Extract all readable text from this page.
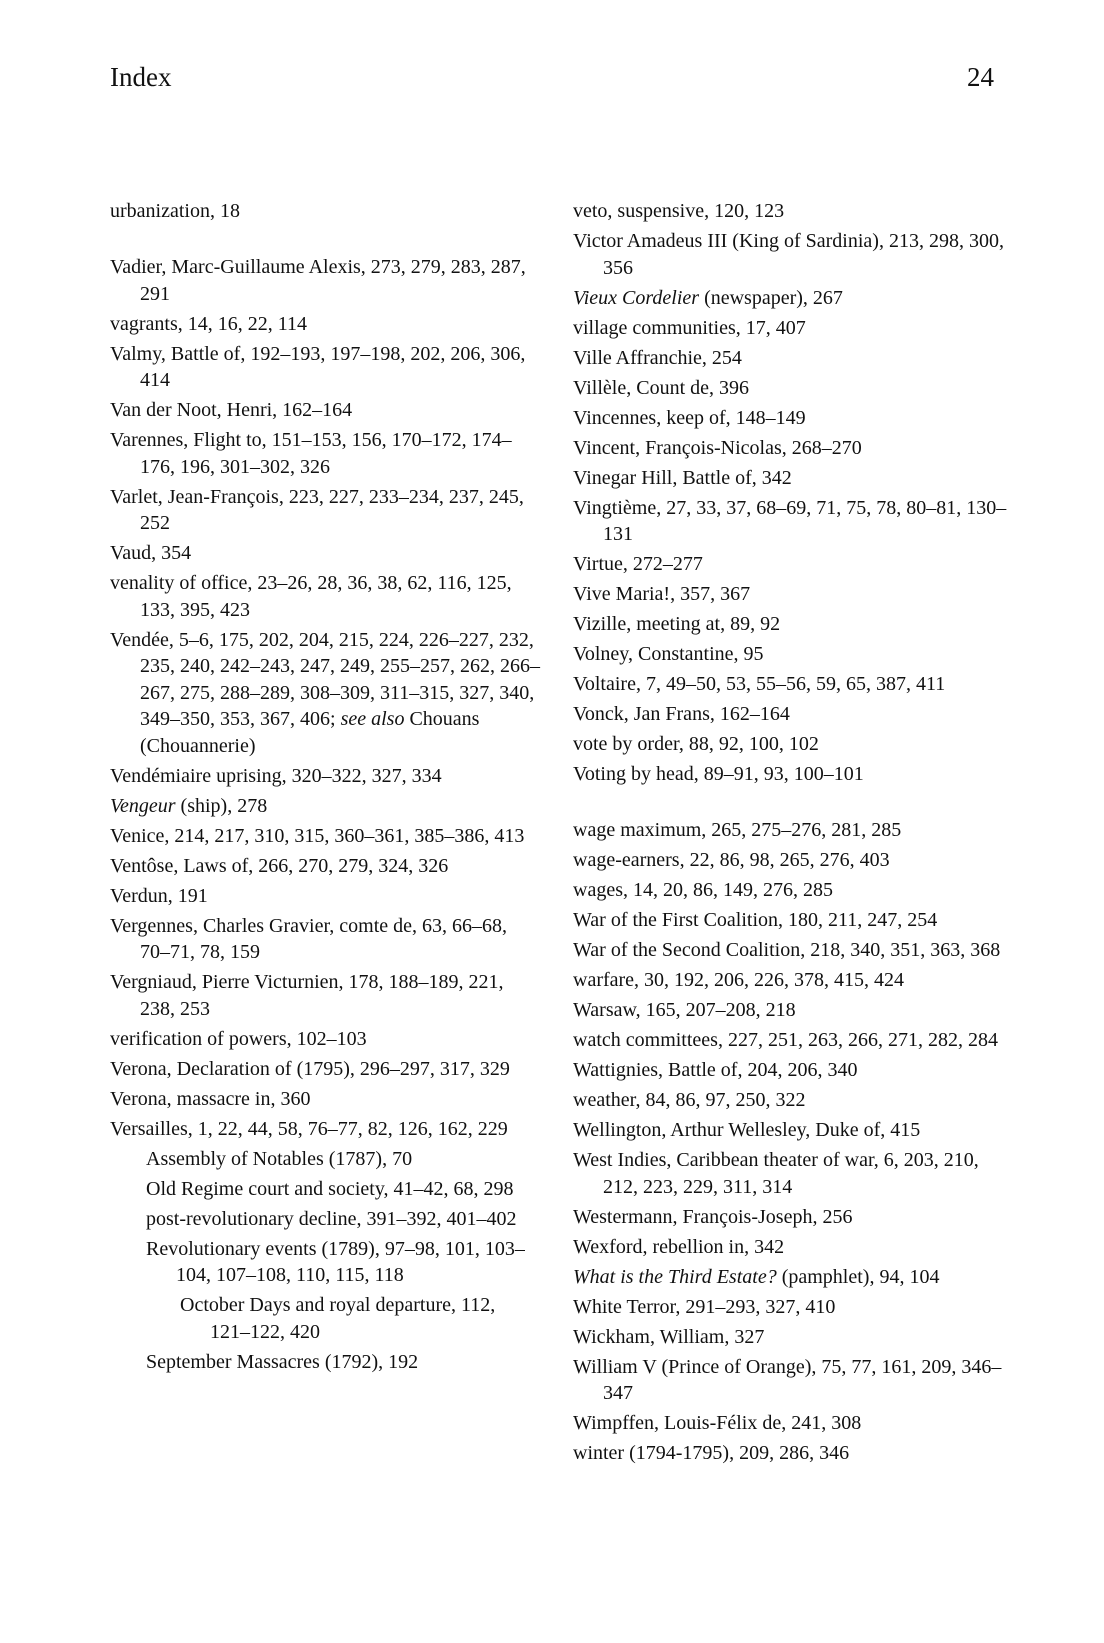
Index	24
urbanization, 18
Vadier, Marc-Guillaume Alexis, 273, 279, 283, 287, 291
vagrants, 14, 16, 22, 114
Valmy, Battle of, 192–193, 197–198, 202, 206, 306, 414
Van der Noot, Henri, 162–164
Varennes, Flight to, 151–153, 156, 170–172, 174–176, 196, 301–302, 326
Varlet, Jean-François, 223, 227, 233–234, 237, 245, 252
Vaud, 354
venality of office, 23–26, 28, 36, 38, 62, 116, 125, 133, 395, 423
Vendée, 5–6, 175, 202, 204, 215, 224, 226–227, 232, 235, 240, 242–243, 247, 249, 255–257, 262, 266–267, 275, 288–289, 308–309, 311–315, 327, 340, 349–350, 353, 367, 406; see also Chouans (Chouannerie)
Vendémiaire uprising, 320–322, 327, 334
Vengeur (ship), 278
Venice, 214, 217, 310, 315, 360–361, 385–386, 413
Ventôse, Laws of, 266, 270, 279, 324, 326
Verdun, 191
Vergennes, Charles Gravier, comte de, 63, 66–68, 70–71, 78, 159
Vergniaud, Pierre Victurnien, 178, 188–189, 221, 238, 253
verification of powers, 102–103
Verona, Declaration of (1795), 296–297, 317, 329
Verona, massacre in, 360
Versailles, 1, 22, 44, 58, 76–77, 82, 126, 162, 229
Assembly of Notables (1787), 70
Old Regime court and society, 41–42, 68, 298
post-revolutionary decline, 391–392, 401–402
Revolutionary events (1789), 97–98, 101, 103–104, 107–108, 110, 115, 118
October Days and royal departure, 112, 121–122, 420
September Massacres (1792), 192
veto, suspensive, 120, 123
Victor Amadeus III (King of Sardinia), 213, 298, 300, 356
Vieux Cordelier (newspaper), 267
village communities, 17, 407
Ville Affranchie, 254
Villèle, Count de, 396
Vincennes, keep of, 148–149
Vincent, François-Nicolas, 268–270
Vinegar Hill, Battle of, 342
Vingtième, 27, 33, 37, 68–69, 71, 75, 78, 80–81, 130–131
Virtue, 272–277
Vive Maria!, 357, 367
Vizille, meeting at, 89, 92
Volney, Constantine, 95
Voltaire, 7, 49–50, 53, 55–56, 59, 65, 387, 411
Vonck, Jan Frans, 162–164
vote by order, 88, 92, 100, 102
Voting by head, 89–91, 93, 100–101
wage maximum, 265, 275–276, 281, 285
wage-earners, 22, 86, 98, 265, 276, 403
wages, 14, 20, 86, 149, 276, 285
War of the First Coalition, 180, 211, 247, 254
War of the Second Coalition, 218, 340, 351, 363, 368
warfare, 30, 192, 206, 226, 378, 415, 424
Warsaw, 165, 207–208, 218
watch committees, 227, 251, 263, 266, 271, 282, 284
Wattignies, Battle of, 204, 206, 340
weather, 84, 86, 97, 250, 322
Wellington, Arthur Wellesley, Duke of, 415
West Indies, Caribbean theater of war, 6, 203, 210, 212, 223, 229, 311, 314
Westermann, François-Joseph, 256
Wexford, rebellion in, 342
What is the Third Estate? (pamphlet), 94, 104
White Terror, 291–293, 327, 410
Wickham, William, 327
William V (Prince of Orange), 75, 77, 161, 209, 346–347
Wimpffen, Louis-Félix de, 241, 308
winter (1794-1795), 209, 286, 346
